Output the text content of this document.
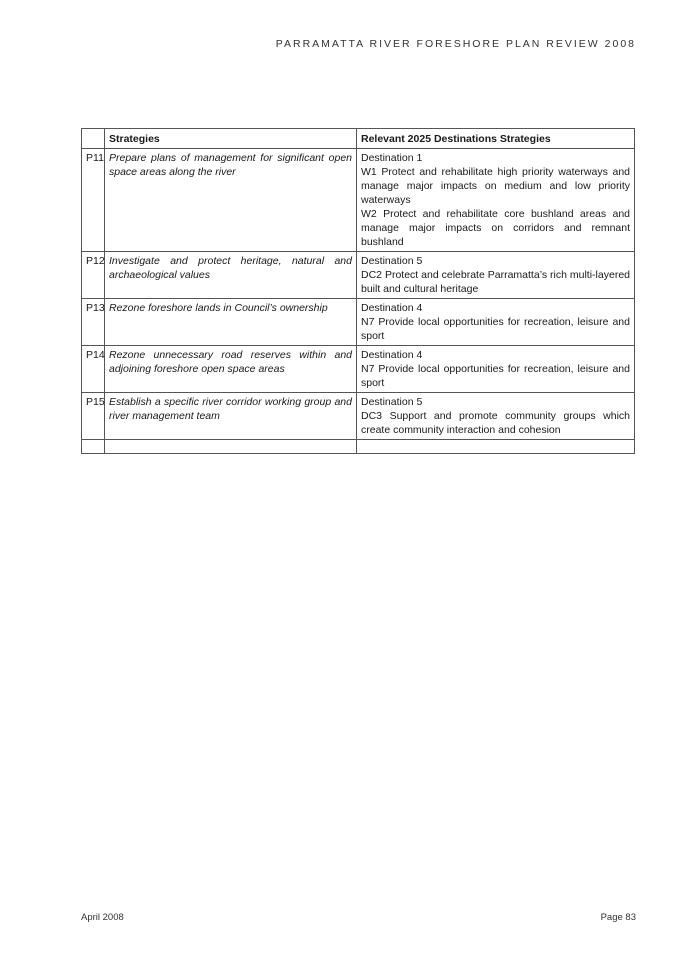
PARRAMATTA RIVER FORESHORE PLAN REVIEW 2008
	Strategies	Relevant 2025 Destinations Strategies
P11	Prepare plans of management for significant open space areas along the river	Destination 1
W1 Protect and rehabilitate high priority waterways and manage major impacts on medium and low priority waterways
W2 Protect and rehabilitate core bushland areas and manage major impacts on corridors and remnant bushland

P12	Investigate and protect heritage, natural and archaeological values	Destination 5
DC2 Protect and celebrate Parramatta’s rich multi-layered built and cultural heritage

P13	Rezone foreshore lands in Council’s ownership	Destination 4
N7 Provide local opportunities for recreation, leisure and sport

P14	Rezone unnecessary road reserves within and adjoining foreshore open space areas	Destination 4
N7 Provide local opportunities for recreation, leisure and sport

P15	Establish a specific river corridor working group and river management team	Destination 5
DC3 Support and promote community groups which create community interaction and cohesion

April 2008	Page 83
